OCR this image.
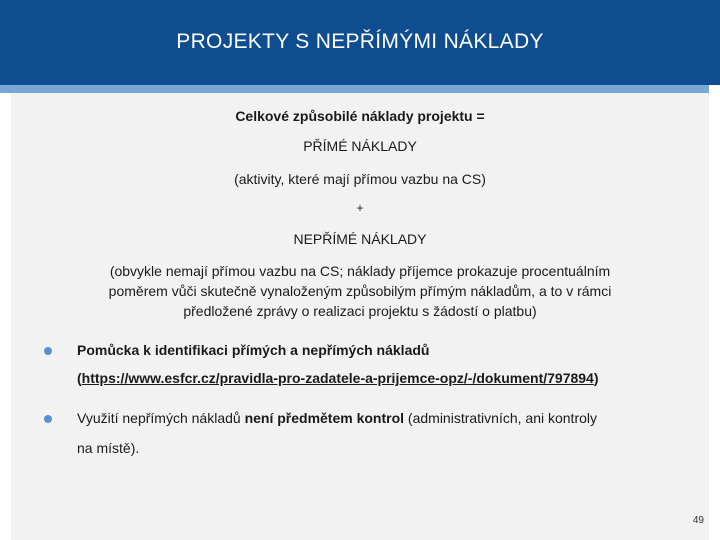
PROJEKTY S NEPŘÍMÝMI NÁKLADY
Celkové způsobilé náklady projektu =
PŘÍMÉ NÁKLADY
(aktivity, které mají přímou vazbu na CS)
+
NEPŘÍMÉ NÁKLADY
(obvykle nemají přímou vazbu na CS; náklady příjemce prokazuje procentuálním
poměrem vůči skutečně vynaloženým způsobilým přímým nákladům, a to v rámci
předložené zprávy o realizaci projektu s žádostí o platbu)
Pomůcka k identifikaci přímých a nepřímých nákladů
(https://www.esfcr.cz/pravidla-pro-zadatele-a-prijemce-opz/-/dokument/797894)
Využití nepřímých nákladů není předmětem kontrol (administrativních, ani kontroly
na místě).
49
